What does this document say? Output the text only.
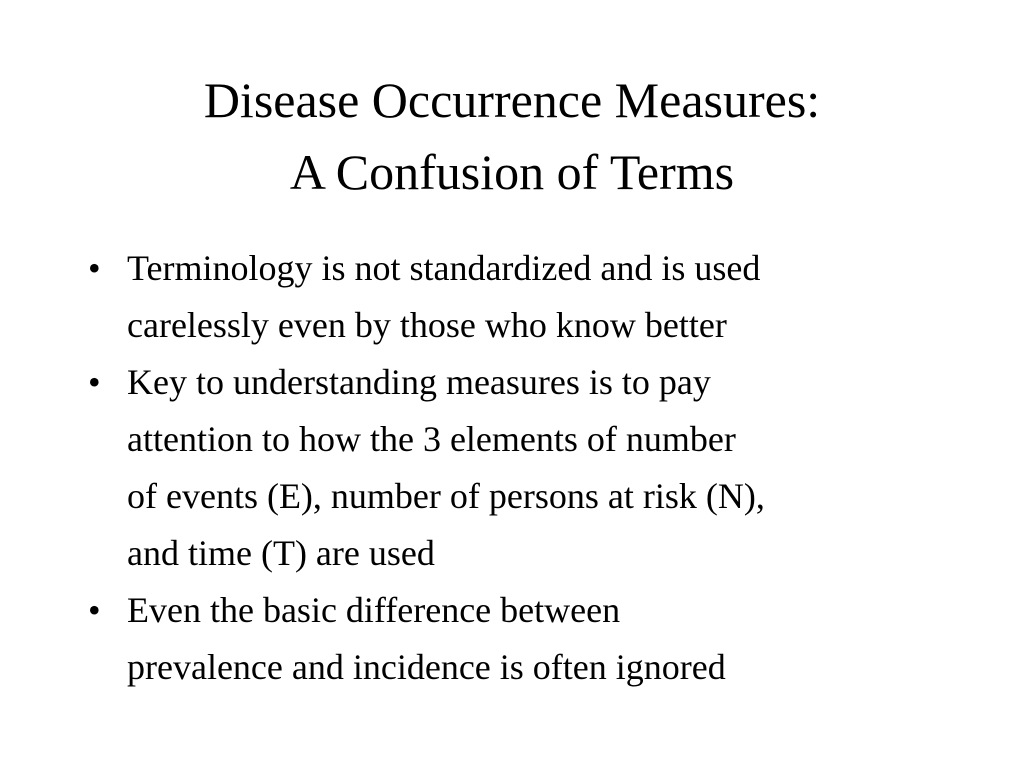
Disease Occurrence Measures:
A Confusion of Terms
• Terminology is not standardized and is used
carelessly even by those who know better
• Key to understanding measures is to pay
attention to how the 3 elements of number
of events (E), number of persons at risk (N),
and time (T) are used
• Even the basic difference between
prevalence and incidence is often ignored
